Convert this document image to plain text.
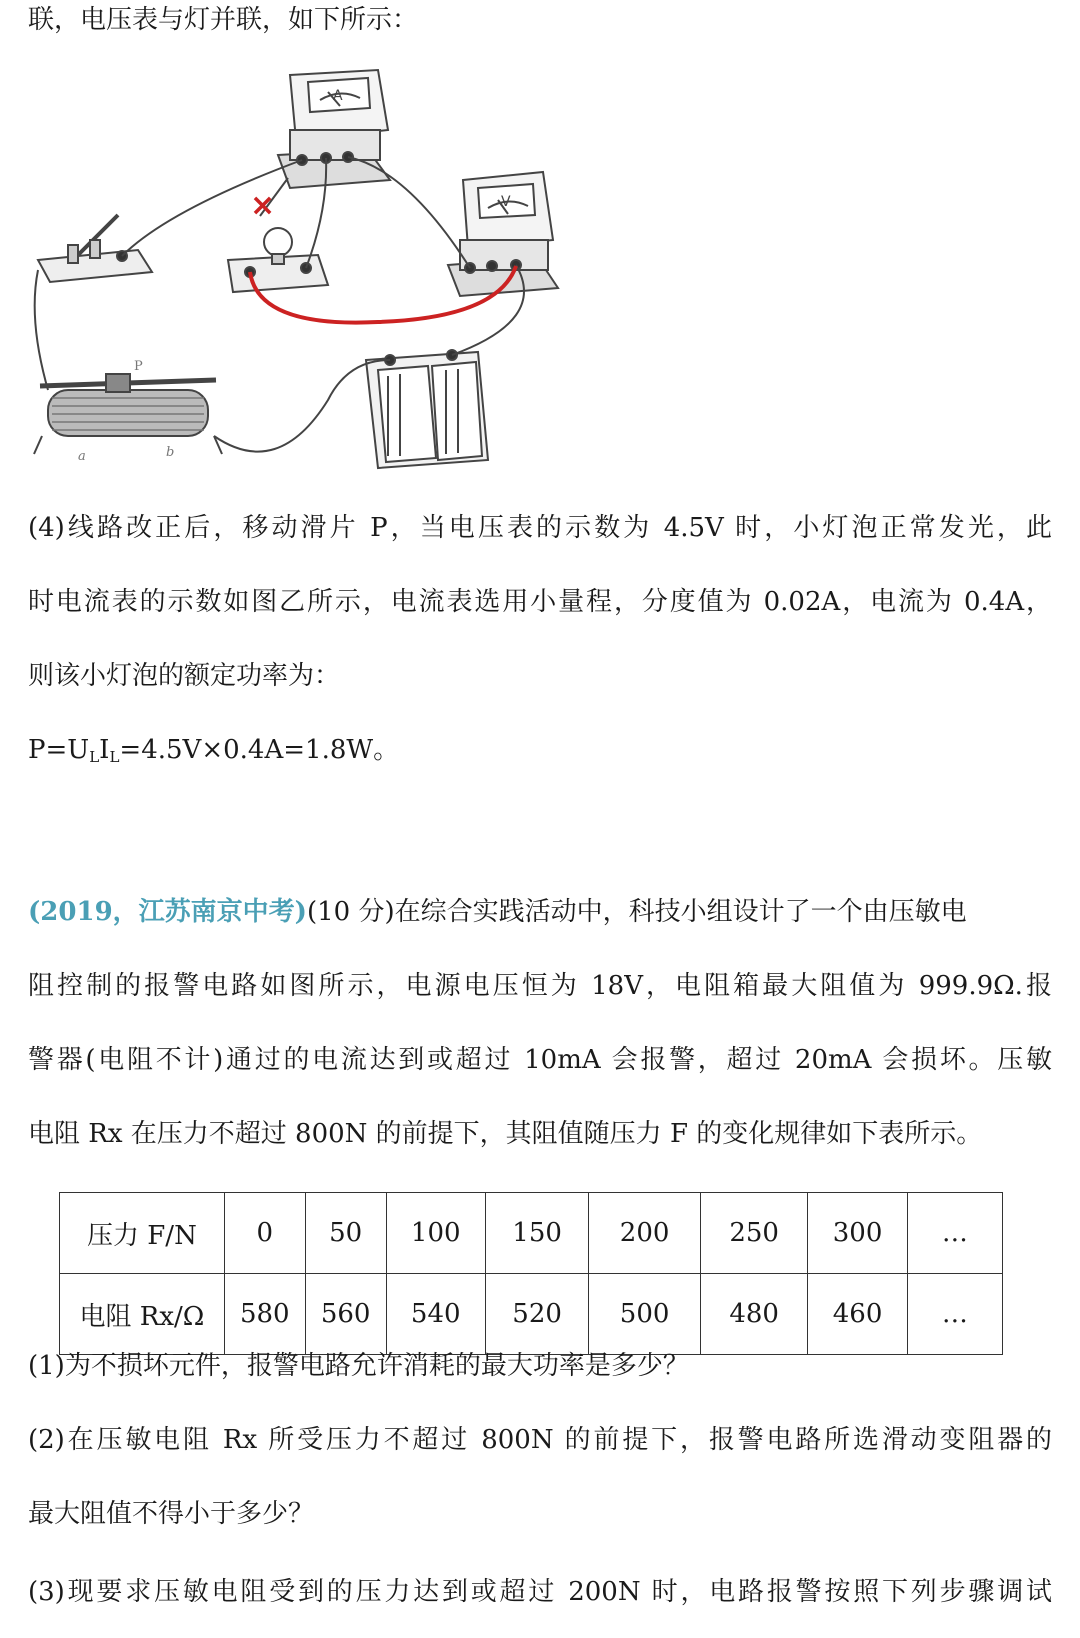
联，电压表与灯并联，如下所示：
A
V
×
P
a	b
(4)线路改正后，移动滑片 P，当电压表的示数为 4.5V 时，小灯泡正常发光，此
时电流表的示数如图乙所示，电流表选用小量程，分度值为 0.02A，电流为 0.4A，
则该小灯泡的额定功率为：
$P=U_LI_L=4.5V\times 0.4A=1.8W$。
(2019，江苏南京中考)(10 分)在综合实践活动中，科技小组设计了一个由压敏电
阻控制的报警电路如图所示，电源电压恒为 18V，电阻箱最大阻值为 999.9Ω.报
警器(电阻不计)通过的电流达到或超过 10mA 会报警，超过 20mA 会损坏。压敏
电阻 Rx 在压力不超过 800N 的前提下，其阻值随压力 F 的变化规律如下表所示。
压力 F/N	0	50	100	150	200	250	300	…
电阻 Rx/Ω	580	560	540	520	500	480	460	…
(1)为不损坏元件，报警电路允许消耗的最大功率是多少？
(2)在压敏电阻 Rx 所受压力不超过 800N 的前提下，报警电路所选滑动变阻器的
最大阻值不得小于多少？
(3)现要求压敏电阻受到的压力达到或超过 200N 时，电路报警按照下列步骤调试
